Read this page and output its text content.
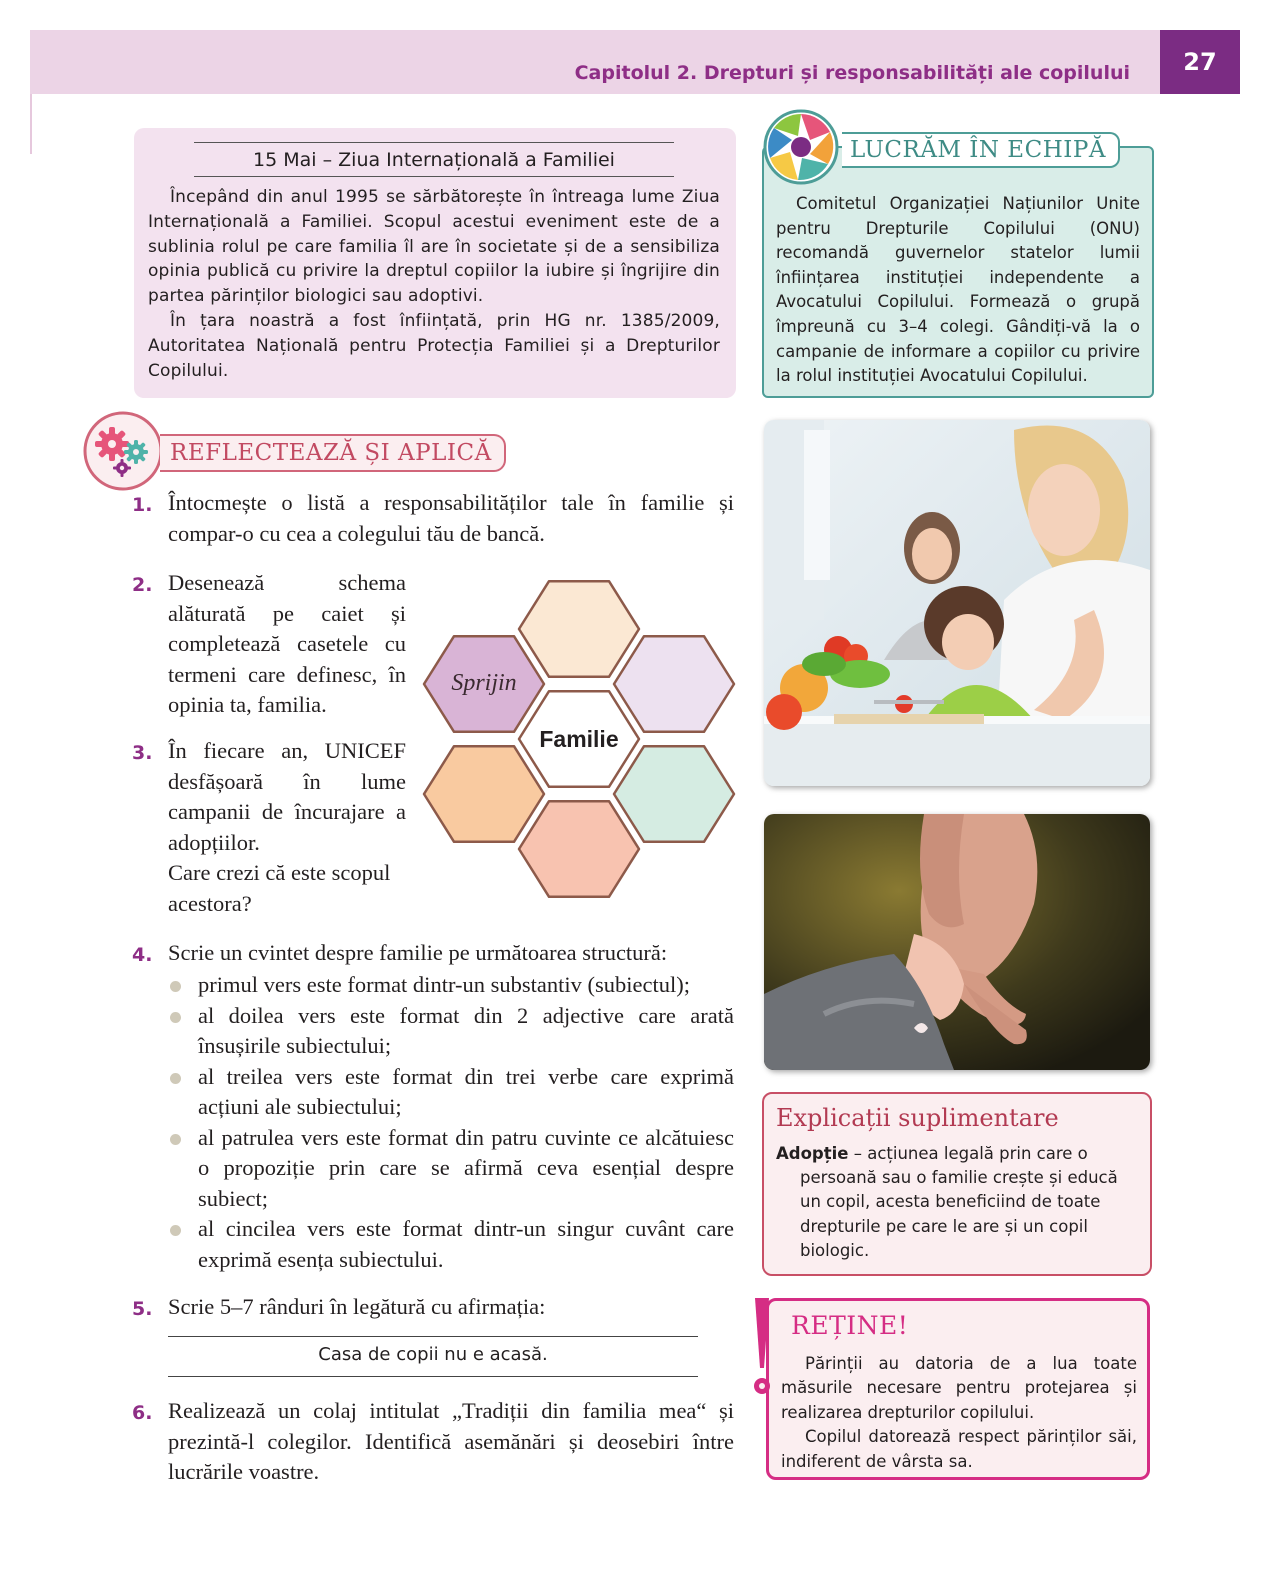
Capitolul 2. Drepturi și responsabilități ale copilului	27
15 Mai – Ziua Internațională a Familiei

Începând din anul 1995 se sărbătorește în întreaga lume Ziua Internațională a Familiei. Scopul acestui eveniment este de a sublinia rolul pe care familia îl are în societate și de a sensibiliza opinia publică cu privire la dreptul copiilor la iubire și îngrijire din partea părinților biologici sau adoptivi.

În țara noastră a fost înființată, prin HG nr. 1385/2009, Autoritatea Națională pentru Protecția Familiei și a Drepturilor Copilului.

Comitetul Organizației Națiunilor Unite pentru Drepturile Copilului (ONU) recomandă guvernelor statelor lumii înființarea instituției independente a Avocatului Copilului. Formează o grupă împreună cu 3–4 colegi. Gândiți-vă la o campanie de informare a copiilor cu privire la rolul instituției Avocatului Copilului.

LUCRĂM ÎN ECHIPĂ
REFLECTEAZĂ ȘI APLICĂ
1. Întocmește o listă a responsabilităților tale în familie și compar-o cu cea a colegului tău de bancă.
2. Desenează schema alăturată pe caiet și completează casetele cu termeni care definesc, în opinia ta, familia.
3. În fiecare an, UNICEF desfășoară în lume campanii de încurajare a adopțiilor.
Care crezi că este scopul acestora?
Sprijin
Familie
4. Scrie un cvintet despre familie pe următoarea structură:
primul vers este format dintr-un substantiv (subiectul);
al doilea vers este format din 2 adjective care arată însușirile subiectului;
al treilea vers este format din trei verbe care exprimă acțiuni ale subiectului;
al patrulea vers este format din patru cuvinte ce alcătuiesc o propoziție prin care se afirmă ceva esențial despre subiect;
al cincilea vers este format dintr-un singur cuvânt care exprimă esența subiectului.
5. Scrie 5–7 rânduri în legătură cu afirmația:
Casa de copii nu e acasă.
6. Realizează un colaj intitulat „Tradiții din familia mea“ și prezintă-l colegilor. Identifică asemănări și deosebiri între lucrările voastre.
Explicații suplimentare
Adopție – acțiunea legală prin care o persoană sau o familie crește și educă un copil, acesta beneficiind de toate drepturile pe care le are și un copil biologic.
REȚINE!

Părinții au datoria de a lua toate măsurile necesare pentru protejarea și realizarea drepturilor copilului.

Copilul datorează respect părinților săi, indiferent de vârsta sa.
